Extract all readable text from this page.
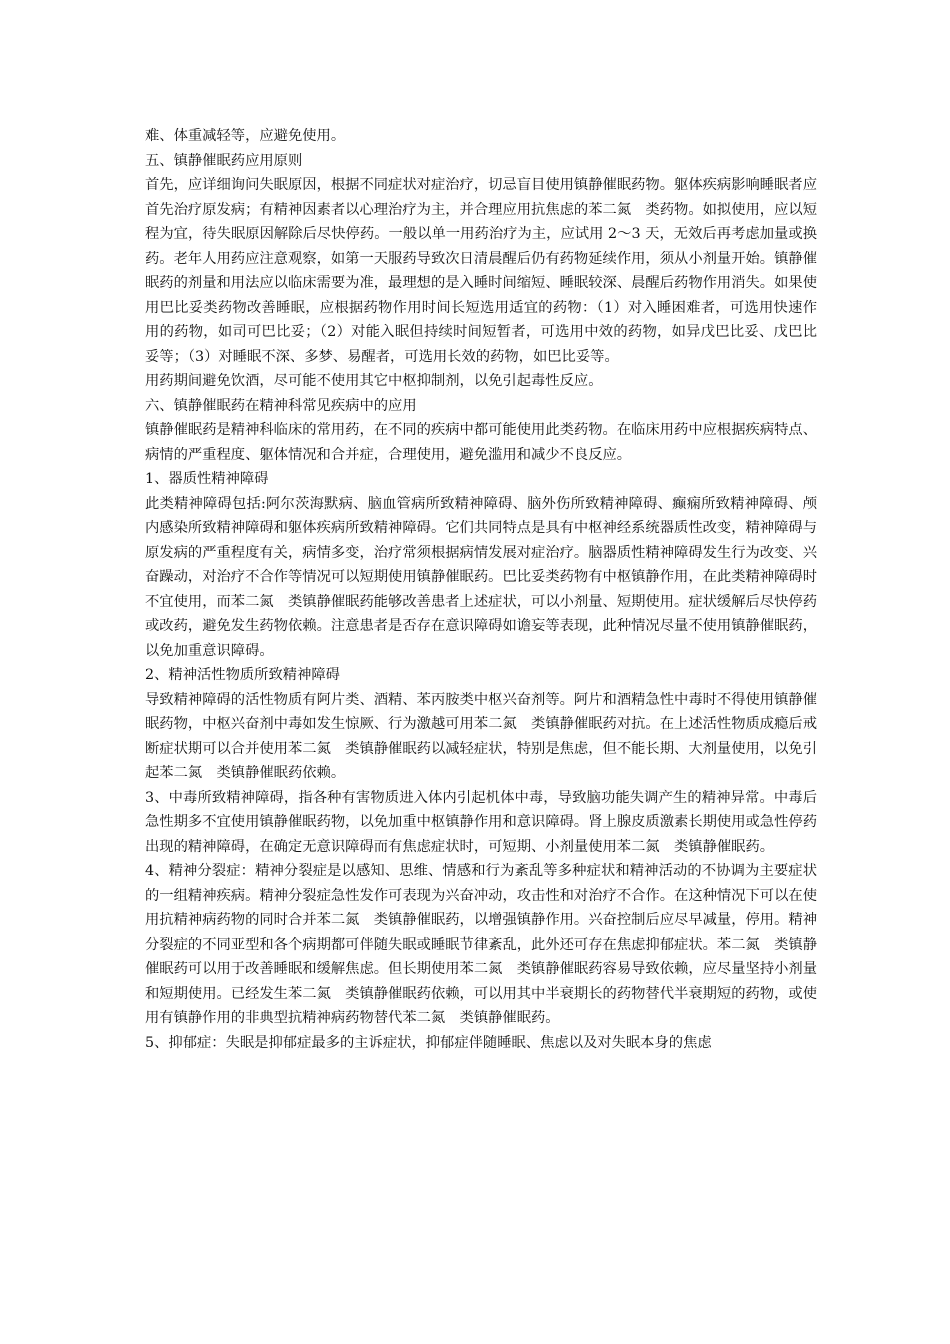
难、体重减轻等，应避免使用。

五、镇静催眠药应用原则

首先，应详细询问失眠原因，根据不同症状对症治疗，切忌盲目使用镇静催眠药物。躯体疾病影响睡眠者应首先治疗原发病；有精神因素者以心理治疗为主，并合理应用抗焦虑的苯二氮　类药物。如拟使用，应以短程为宜，待失眠原因解除后尽快停药。一般以单一用药治疗为主，应试用 2～3 天，无效后再考虑加量或换药。老年人用药应注意观察，如第一天服药导致次日清晨醒后仍有药物延续作用，须从小剂量开始。镇静催眠药的剂量和用法应以临床需要为准，最理想的是入睡时间缩短、睡眠较深、晨醒后药物作用消失。如果使用巴比妥类药物改善睡眠，应根据药物作用时间长短选用适宜的药物：（1）对入睡困难者，可选用快速作用的药物，如司可巴比妥；（2）对能入眠但持续时间短暂者，可选用中效的药物，如异戊巴比妥、戊巴比妥等；（3）对睡眠不深、多梦、易醒者，可选用长效的药物，如巴比妥等。

用药期间避免饮酒，尽可能不使用其它中枢抑制剂，以免引起毒性反应。

六、镇静催眠药在精神科常见疾病中的应用

镇静催眠药是精神科临床的常用药，在不同的疾病中都可能使用此类药物。在临床用药中应根据疾病特点、病情的严重程度、躯体情况和合并症，合理使用，避免滥用和减少不良反应。

1、器质性精神障碍

此类精神障碍包括:阿尔茨海默病、脑血管病所致精神障碍、脑外伤所致精神障碍、癫痫所致精神障碍、颅内感染所致精神障碍和躯体疾病所致精神障碍。它们共同特点是具有中枢神经系统器质性改变，精神障碍与原发病的严重程度有关，病情多变，治疗常须根据病情发展对症治疗。脑器质性精神障碍发生行为改变、兴奋躁动，对治疗不合作等情况可以短期使用镇静催眠药。巴比妥类药物有中枢镇静作用，在此类精神障碍时不宜使用，而苯二氮　类镇静催眠药能够改善患者上述症状，可以小剂量、短期使用。症状缓解后尽快停药或改药，避免发生药物依赖。注意患者是否存在意识障碍如谵妄等表现，此种情况尽量不使用镇静催眠药，以免加重意识障碍。

2、精神活性物质所致精神障碍

导致精神障碍的活性物质有阿片类、酒精、苯丙胺类中枢兴奋剂等。阿片和酒精急性中毒时不得使用镇静催眠药物，中枢兴奋剂中毒如发生惊厥、行为激越可用苯二氮　类镇静催眠药对抗。在上述活性物质成瘾后戒断症状期可以合并使用苯二氮　类镇静催眠药以减轻症状，特别是焦虑，但不能长期、大剂量使用，以免引起苯二氮　类镇静催眠药依赖。

3、中毒所致精神障碍，指各种有害物质进入体内引起机体中毒，导致脑功能失调产生的精神异常。中毒后急性期多不宜使用镇静催眠药物，以免加重中枢镇静作用和意识障碍。肾上腺皮质激素长期使用或急性停药出现的精神障碍，在确定无意识障碍而有焦虑症状时，可短期、小剂量使用苯二氮　类镇静催眠药。

4、精神分裂症：精神分裂症是以感知、思维、情感和行为紊乱等多种症状和精神活动的不协调为主要症状的一组精神疾病。精神分裂症急性发作可表现为兴奋冲动，攻击性和对治疗不合作。在这种情况下可以在使用抗精神病药物的同时合并苯二氮　类镇静催眠药，以增强镇静作用。兴奋控制后应尽早减量，停用。精神分裂症的不同亚型和各个病期都可伴随失眠或睡眠节律紊乱，此外还可存在焦虑抑郁症状。苯二氮　类镇静催眠药可以用于改善睡眠和缓解焦虑。但长期使用苯二氮　类镇静催眠药容易导致依赖，应尽量坚持小剂量和短期使用。已经发生苯二氮　类镇静催眠药依赖，可以用其中半衰期长的药物替代半衰期短的药物，或使用有镇静作用的非典型抗精神病药物替代苯二氮　类镇静催眠药。

5、抑郁症：失眠是抑郁症最多的主诉症状，抑郁症伴随睡眠、焦虑以及对失眠本身的焦虑
